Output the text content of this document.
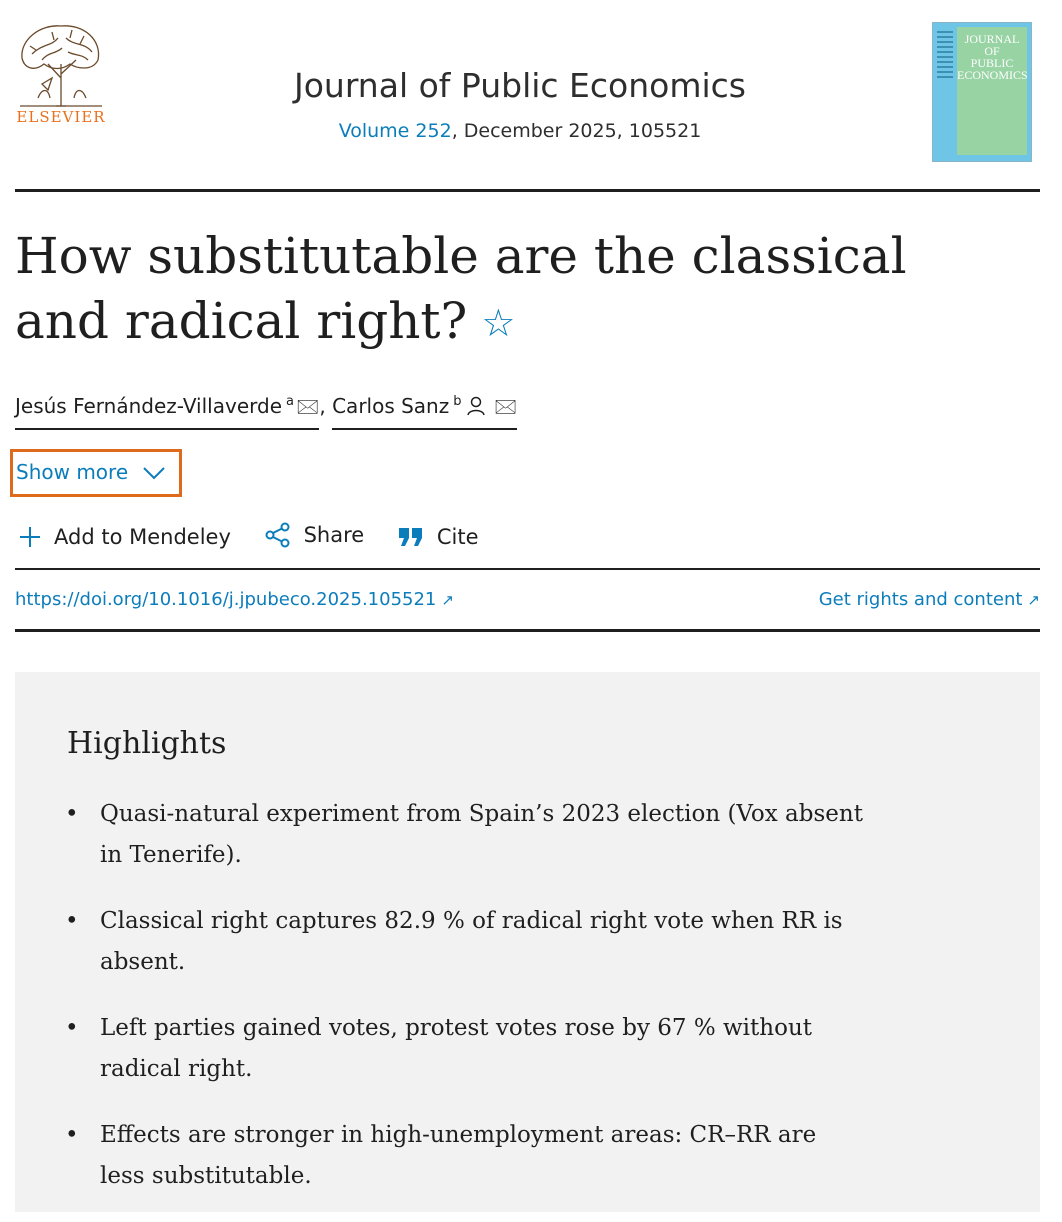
ELSEVIER
Journal of Public Economics
Volume 252, December 2025, 105521
JOURNAL OF
PUBLIC
ECONOMICS
How substitutable are the classical and radical right? ☆
Jesús Fernández-Villaverde $^a$ 🖂, Carlos Sanz $^b$ 🖂
Show more
Add to Mendeley
	Share
	Cite
https://doi.org/10.1016/j.jpubeco.2025.105521 ↗	Get rights and content ↗
Highlights
• Quasi-natural experiment from Spain’s 2023 election (Vox absent in Tenerife).
• Classical right captures 82.9 % of radical right vote when RR is absent.
• Left parties gained votes, protest votes rose by 67 % without radical right.
• Effects are stronger in high-unemployment areas: CR–RR are less substitutable.
